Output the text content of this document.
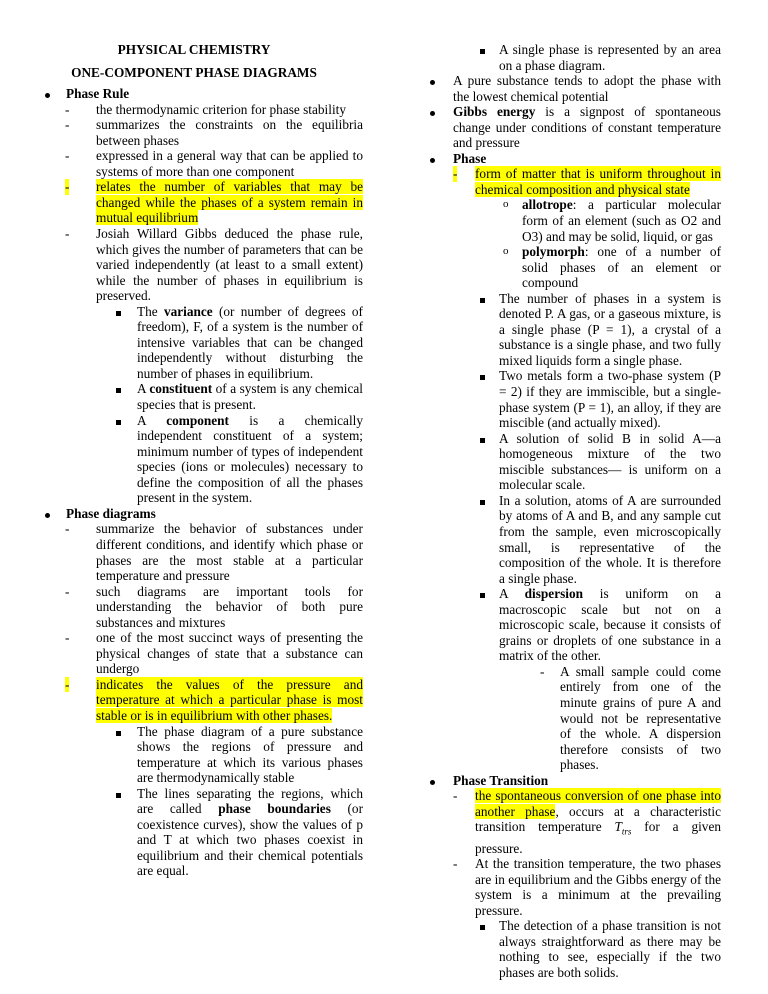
PHYSICAL CHEMISTRY
ONE-COMPONENT PHASE DIAGRAMS
Phase Rule
- the thermodynamic criterion for phase stability
- summarizes the constraints on the equilibria between phases
- expressed in a general way that can be applied to systems of more than one component
- relates the number of variables that may be changed while the phases of a system remain in mutual equilibrium
- Josiah Willard Gibbs deduced the phase rule, which gives the number of parameters that can be varied independently (at least to a small extent) while the number of phases in equilibrium is preserved.
The variance (or number of degrees of freedom), F, of a system is the number of intensive variables that can be changed independently without disturbing the number of phases in equilibrium.
A constituent of a system is any chemical species that is present.
A component is a chemically independent constituent of a system; minimum number of types of independent species (ions or molecules) necessary to define the composition of all the phases present in the system.
Phase diagrams
- summarize the behavior of substances under different conditions, and identify which phase or phases are the most stable at a particular temperature and pressure
- such diagrams are important tools for understanding the behavior of both pure substances and mixtures
- one of the most succinct ways of presenting the physical changes of state that a substance can undergo
- indicates the values of the pressure and temperature at which a particular phase is most stable or is in equilibrium with other phases.
The phase diagram of a pure substance shows the regions of pressure and temperature at which its various phases are thermodynamically stable
The lines separating the regions, which are called phase boundaries (or coexistence curves), show the values of p and T at which two phases coexist in equilibrium and their chemical potentials are equal.
A single phase is represented by an area on a phase diagram.
A pure substance tends to adopt the phase with the lowest chemical potential
Gibbs energy is a signpost of spontaneous change under conditions of constant temperature and pressure
Phase
- form of matter that is uniform throughout in chemical composition and physical state
o allotrope: a particular molecular form of an element (such as O2 and O3) and may be solid, liquid, or gas
o polymorph: one of a number of solid phases of an element or compound
The number of phases in a system is denoted P. A gas, or a gaseous mixture, is a single phase (P = 1), a crystal of a substance is a single phase, and two fully mixed liquids form a single phase.
Two metals form a two-phase system (P = 2) if they are immiscible, but a single-phase system (P = 1), an alloy, if they are miscible (and actually mixed).
A solution of solid B in solid A—a homogeneous mixture of the two miscible substances— is uniform on a molecular scale.
In a solution, atoms of A are surrounded by atoms of A and B, and any sample cut from the sample, even microscopically small, is representative of the composition of the whole. It is therefore a single phase.
A dispersion is uniform on a macroscopic scale but not on a microscopic scale, because it consists of grains or droplets of one substance in a matrix of the other.
- A small sample could come entirely from one of the minute grains of pure A and would not be representative of the whole. A dispersion therefore consists of two phases.
Phase Transition
- the spontaneous conversion of one phase into another phase, occurs at a characteristic transition temperature $T_{trs}$ for a given pressure.
- At the transition temperature, the two phases are in equilibrium and the Gibbs energy of the system is a minimum at the prevailing pressure.
The detection of a phase transition is not always straightforward as there may be nothing to see, especially if the two phases are both solids.
